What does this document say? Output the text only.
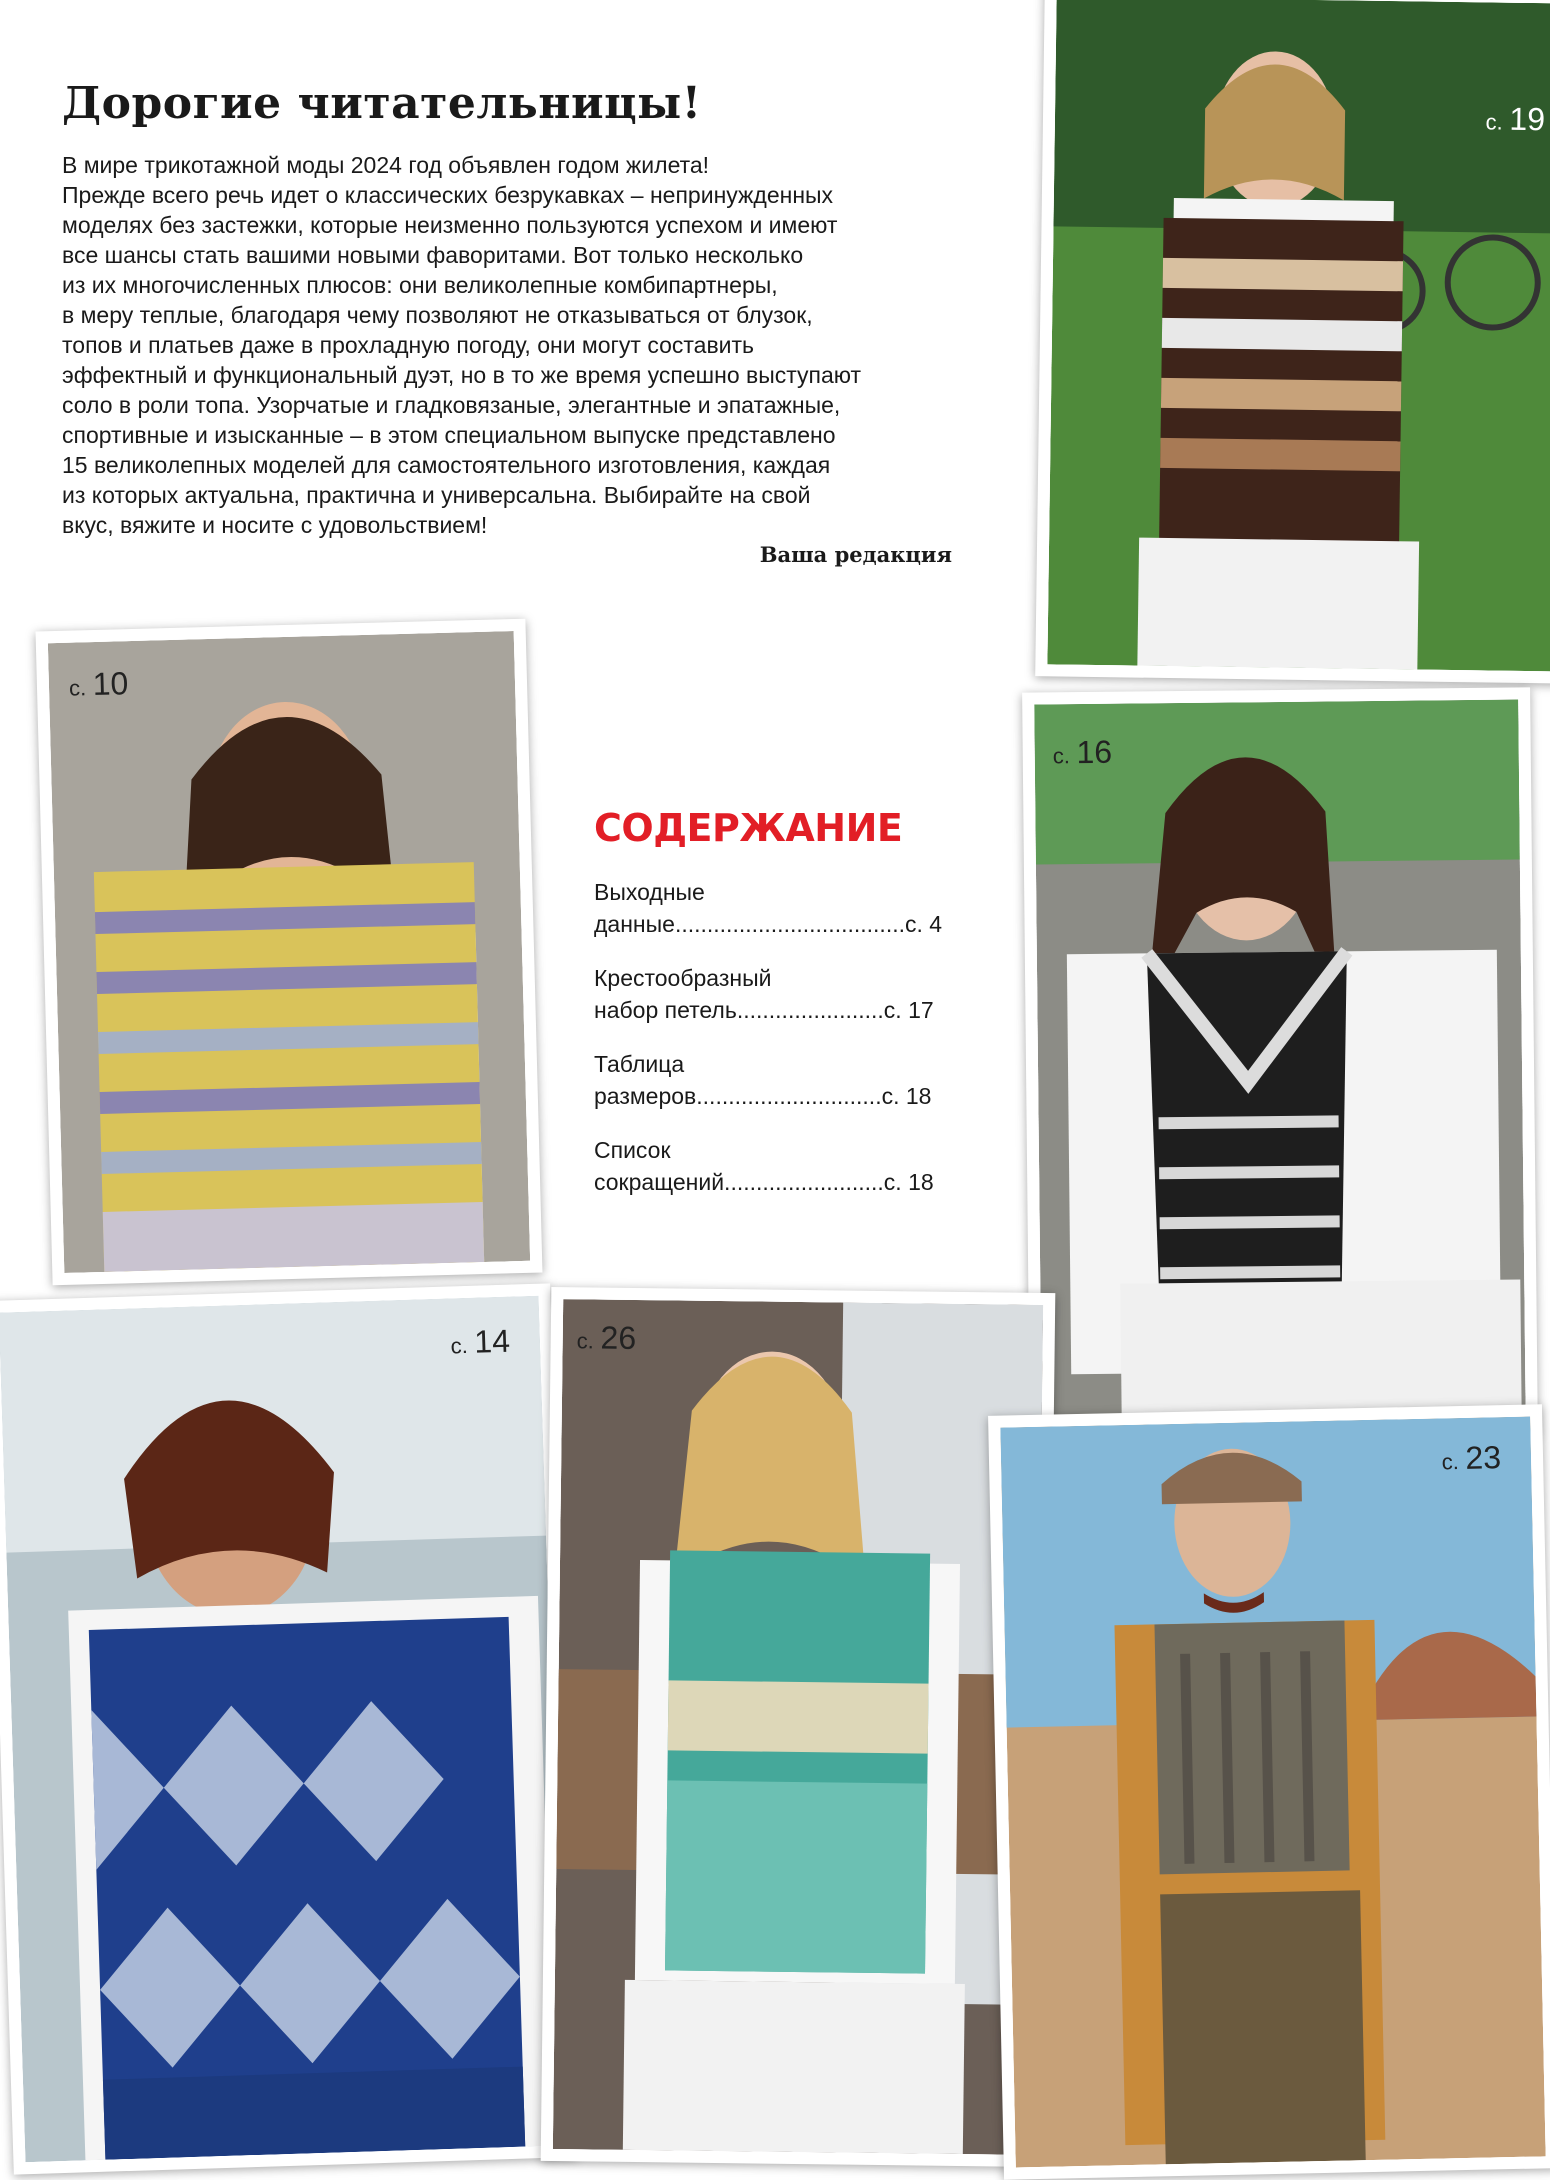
Дорогие читательницы!

В мире трикотажной моды 2024 год объявлен годом жилета!
Прежде всего речь идет о классических безрукавках – непринужденных
моделях без застежки, которые неизменно пользуются успехом и имеют
все шансы стать вашими новыми фаворитами. Вот только несколько
из их многочисленных плюсов: они великолепные комбипартнеры,
в меру теплые, благодаря чему позволяют не отказываться от блузок,
топов и платьев даже в прохладную погоду, они могут составить
эффектный и функциональный дуэт, но в то же время успешно выступают
соло в роли топа. Узорчатые и гладковязаные, элегантные и эпатажные,
спортивные и изысканные – в этом специальном выпуске представлено
15 великолепных моделей для самостоятельного изготовления, каждая
из которых актуальна, практична и универсальна. Выбирайте на свой
вкус, вяжите и носите с удовольствием!

Ваша редакция
СОДЕРЖАНИЕ
Выходные
данные....................................с. 4
Крестообразный
набор петель.......................с. 17
Таблица
размеров.............................с. 18
Список
сокращений.........................с. 18
с. 19
с. 10
с. 16
с. 14	с. 26
с. 23
